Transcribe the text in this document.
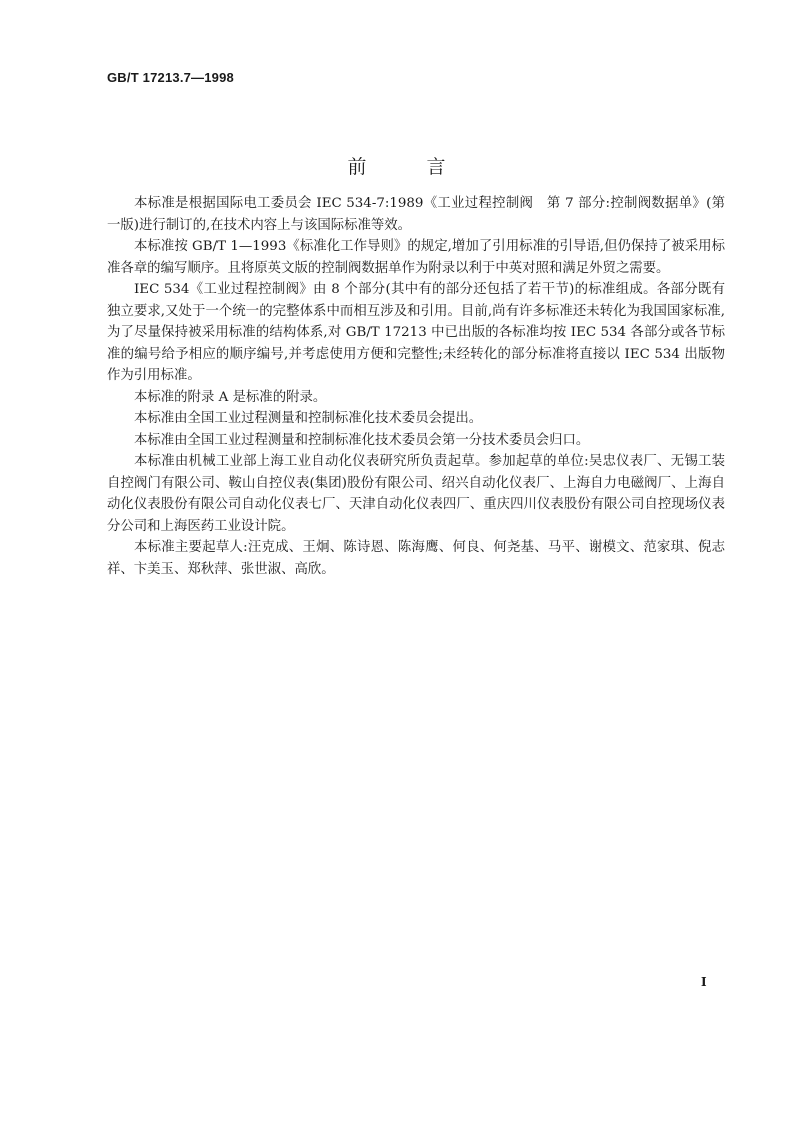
GB/T 17213.7—1998
前言

本标准是根据国际电工委员会 IEC 534-7:1989《工业过程控制阀　第 7 部分:控制阀数据单》(第一版)进行制订的,在技术内容上与该国际标准等效。

本标准按 GB/T 1—1993《标准化工作导则》的规定,增加了引用标准的引导语,但仍保持了被采用标准各章的编写顺序。且将原英文版的控制阀数据单作为附录以利于中英对照和满足外贸之需要。

IEC 534《工业过程控制阀》由 8 个部分(其中有的部分还包括了若干节)的标准组成。各部分既有独立要求,又处于一个统一的完整体系中而相互涉及和引用。目前,尚有许多标准还未转化为我国国家标准,为了尽量保持被采用标准的结构体系,对 GB/T 17213 中已出版的各标准均按 IEC 534 各部分或各节标准的编号给予相应的顺序编号,并考虑使用方便和完整性;未经转化的部分标准将直接以 IEC 534 出版物作为引用标准。

本标准的附录 A 是标准的附录。

本标准由全国工业过程测量和控制标准化技术委员会提出。

本标准由全国工业过程测量和控制标准化技术委员会第一分技术委员会归口。

本标准由机械工业部上海工业自动化仪表研究所负责起草。参加起草的单位:吴忠仪表厂、无锡工装自控阀门有限公司、鞍山自控仪表(集团)股份有限公司、绍兴自动化仪表厂、上海自力电磁阀厂、上海自动化仪表股份有限公司自动化仪表七厂、天津自动化仪表四厂、重庆四川仪表股份有限公司自控现场仪表分公司和上海医药工业设计院。

本标准主要起草人:汪克成、王炯、陈诗恩、陈海鹰、何良、何尧基、马平、谢模文、范家琪、倪志祥、卞美玉、郑秋萍、张世淑、高欣。

I
